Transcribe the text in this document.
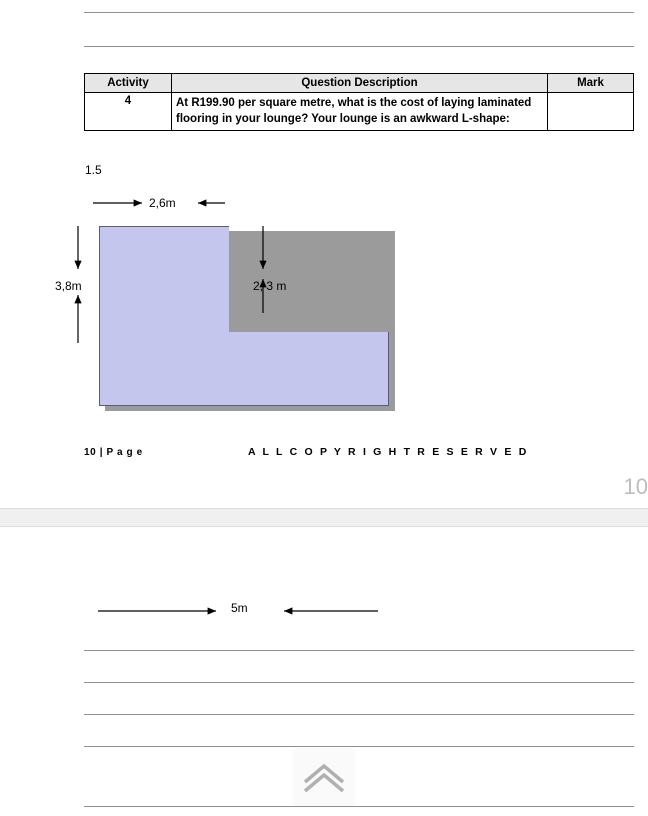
Activity	Question Description	Mark
4	At R199.90 per square metre, what is the cost of laying laminated flooring in your lounge? Your lounge is an awkward L-shape:	
1.5
2,6m
3,8m	2, 3 m
10 | P a g e	A L L C O P Y R I G H T R E S E R V E D
10
5m
